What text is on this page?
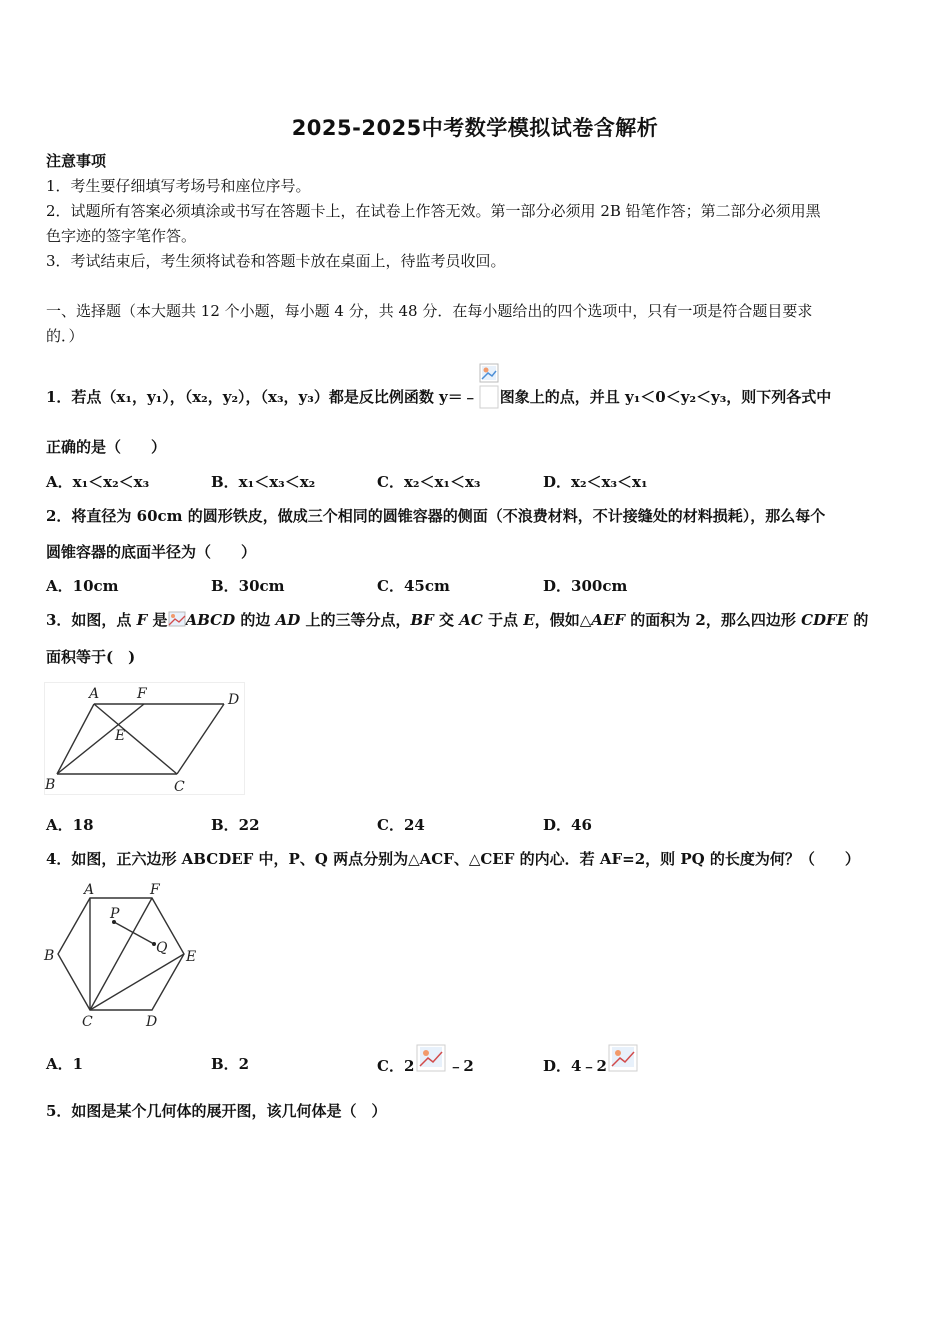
2025-2025中考数学模拟试卷含解析
注意事项
1．考生要仔细填写考场号和座位序号。
2．试题所有答案必须填涂或书写在答题卡上，在试卷上作答无效。第一部分必须用 2B 铅笔作答；第二部分必须用黑
色字迹的签字笔作答。
3．考试结束后，考生须将试卷和答题卡放在桌面上，待监考员收回。
一、选择题（本大题共 12 个小题，每小题 4 分，共 48 分．在每小题给出的四个选项中，只有一项是符合题目要求
的．）
1．若点（x₁，y₁），（x₂，y₂），（x₃，y₃）都是反比例函数 y＝﹣ 图象上的点，并且 y₁＜0＜y₂＜y₃，则下列各式中
正确的是（　　）
A．x₁＜x₂＜x₃	B．x₁＜x₃＜x₂	C．x₂＜x₁＜x₃	D．x₂＜x₃＜x₁
2．将直径为 60cm 的圆形铁皮，做成三个相同的圆锥容器的侧面（不浪费材料，不计接缝处的材料损耗），那么每个
圆锥容器的底面半径为（　　）
A．10cm	B．30cm	C．45cm	D．300cm
3．如图，点 F 是 ABCD 的边 AD 上的三等分点，BF 交 AC 于点 E，假如△AEF 的面积为 2，那么四边形 CDFE 的
面积等于(　)
A	F	D
E
B	C
A．18	B．22	C．24	D．46
4．如图，正六边形 ABCDEF 中，P、Q 两点分别为△ACF、△CEF 的内心．若 AF=2，则 PQ 的长度为何？（　　）
A	F
B	E
C	D
P
Q
A．1	B．2	C．2 ﹣2	D．4﹣2
5．如图是某个几何体的展开图，该几何体是（　）
